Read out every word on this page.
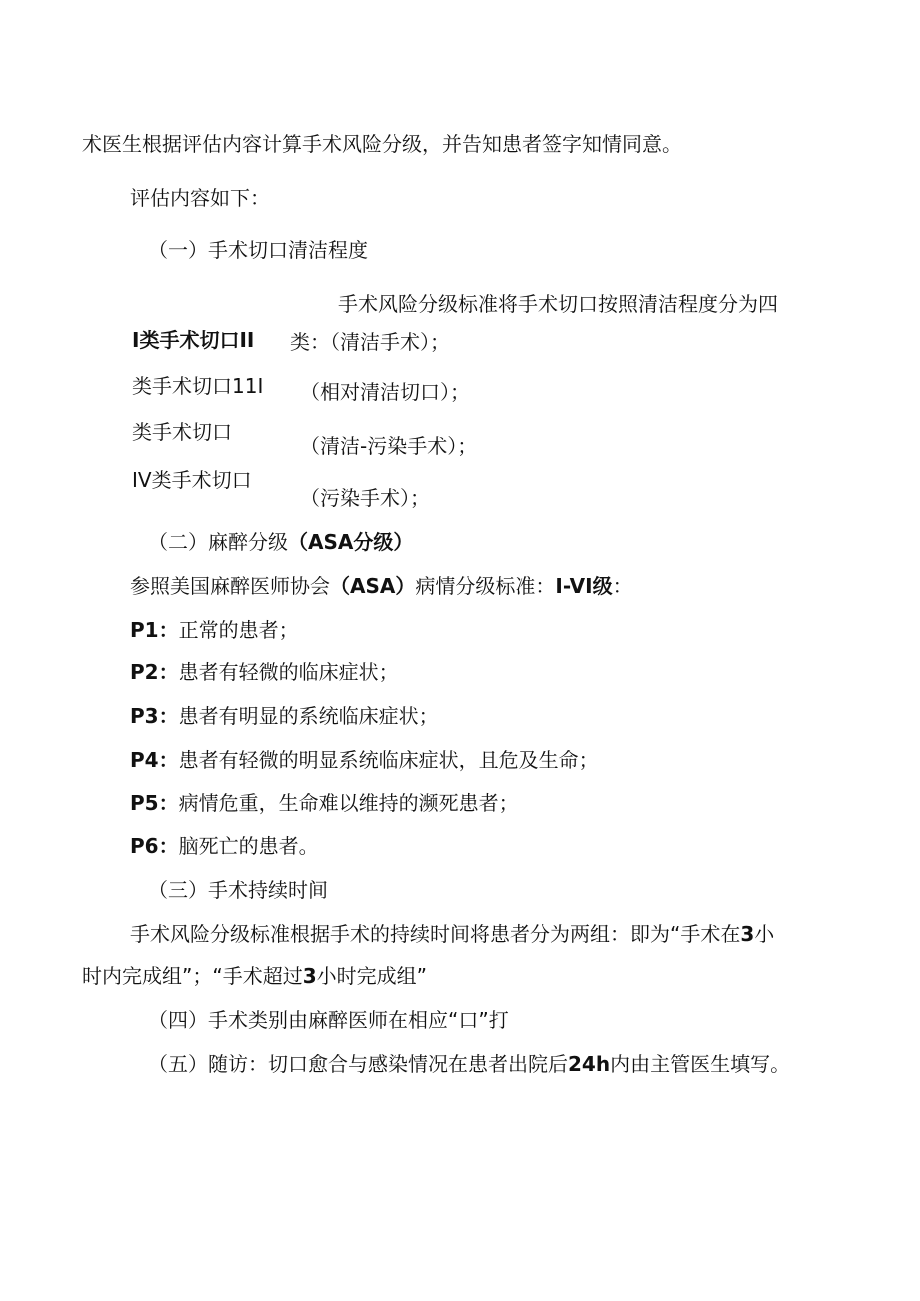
术医生根据评估内容计算手术风险分级，并告知患者签字知情同意。
评估内容如下：
（一）手术切口清洁程度
手术风险分级标准将手术切口按照清洁程度分为四
I类手术切口II 类：（清洁手术）；
类手术切口11I （相对清洁切口）；
类手术切口
（清洁-污染手术）；
IV类手术切口
（污染手术）；
（二）麻醉分级（ASA分级）
参照美国麻醉医师协会（ASA）病情分级标准：I-VI级：
P1：正常的患者；
P2：患者有轻微的临床症状；
P3：患者有明显的系统临床症状；
P4：患者有轻微的明显系统临床症状，且危及生命；
P5：病情危重，生命难以维持的濒死患者；
P6：脑死亡的患者。
（三）手术持续时间
手术风险分级标准根据手术的持续时间将患者分为两组：即为“手术在3小
时内完成组”；“手术超过3小时完成组”
（四）手术类别由麻醉医师在相应“口”打
（五）随访：切口愈合与感染情况在患者出院后24h内由主管医生填写。
